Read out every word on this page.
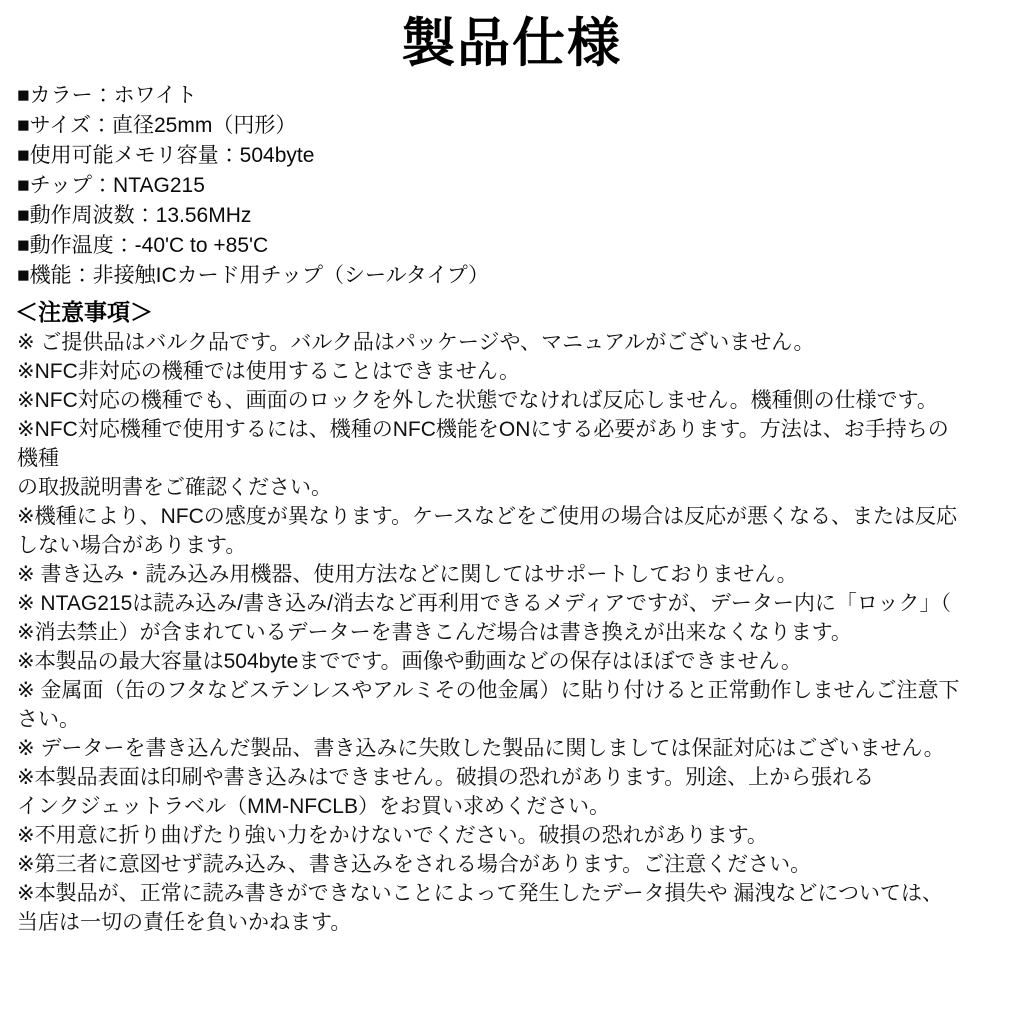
製品仕様
■カラー：ホワイト
■サイズ：直径25mm（円形）
■使用可能メモリ容量：504byte
■チップ：NTAG215
■動作周波数：13.56MHz
■動作温度：-40'C to +85'C
■機能：非接触ICカード用チップ（シールタイプ）
＜注意事項＞
※ ご提供品はバルク品です。バルク品はパッケージや、マニュアルがございません。
※NFC非対応の機種では使用することはできません。
※NFC対応の機種でも、画面のロックを外した状態でなければ反応しません。機種側の仕様です。
※NFC対応機種で使用するには、機種のNFC機能をONにする必要があります。方法は、お手持ちの
機種
の取扱説明書をご確認ください。
※機種により、NFCの感度が異なります。ケースなどをご使用の場合は反応が悪くなる、または反応
しない場合があります。
※ 書き込み・読み込み用機器、使用方法などに関してはサポートしておりません。
※ NTAG215は読み込み/書き込み/消去など再利用できるメディアですが、データー内に「ロック」（
※消去禁止）が含まれているデーターを書きこんだ場合は書き換えが出来なくなります。
※本製品の最大容量は504byteまでです。画像や動画などの保存はほぼできません。
※ 金属面（缶のフタなどステンレスやアルミその他金属）に貼り付けると正常動作しませんご注意下
さい。
※ データーを書き込んだ製品、書き込みに失敗した製品に関しましては保証対応はございません。
※本製品表面は印刷や書き込みはできません。破損の恐れがあります。別途、上から張れる
インクジェットラベル（MM-NFCLB）をお買い求めください。
※不用意に折り曲げたり強い力をかけないでください。破損の恐れがあります。
※第三者に意図せず読み込み、書き込みをされる場合があります。ご注意ください。
※本製品が、正常に読み書きができないことによって発生したデータ損失や 漏洩などについては、
当店は一切の責任を負いかねます。
